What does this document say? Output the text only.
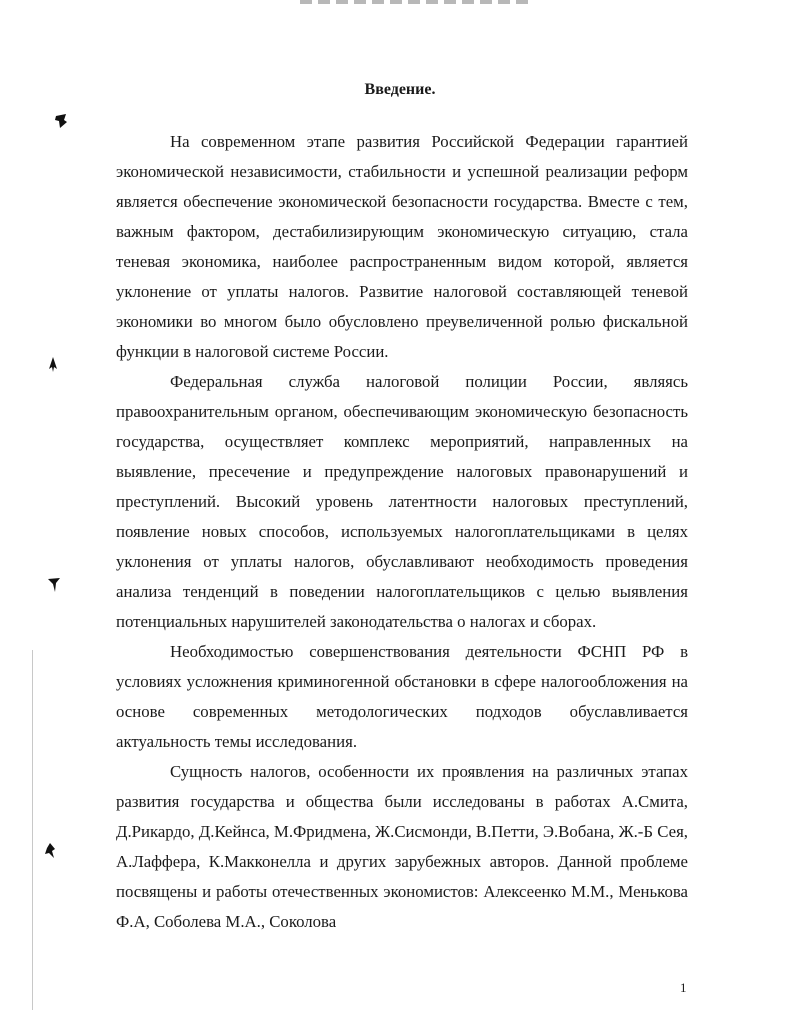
Введение.

На современном этапе развития Российской Федерации гарантией экономической независимости, стабильности и успешной реализации реформ является обеспечение экономической безопасности государства. Вместе с тем, важным фактором, дестабилизирующим экономическую ситуацию, стала теневая экономика, наиболее распространенным видом которой, является уклонение от уплаты налогов. Развитие налоговой составляющей теневой экономики во многом было обусловлено преувеличенной ролью фискальной функции в налоговой системе России.

Федеральная служба налоговой полиции России, являясь правоохранительным органом, обеспечивающим экономическую безопасность государства, осуществляет комплекс мероприятий, направленных на выявление, пресечение и предупреждение налоговых правонарушений и преступлений. Высокий уровень латентности налоговых преступлений, появление новых способов, используемых налогоплательщиками в целях уклонения от уплаты налогов, обуславливают необходимость проведения анализа тенденций в поведении налогоплательщиков с целью выявления потенциальных нарушителей законодательства о налогах и сборах.

Необходимостью совершенствования деятельности ФСНП РФ в условиях усложнения криминогенной обстановки в сфере налогообложения на основе современных методологических подходов обуславливается актуальность темы исследования.

Сущность налогов, особенности их проявления на различных этапах развития государства и общества были исследованы в работах А.Смита, Д.Рикардо, Д.Кейнса, М.Фридмена, Ж.Сисмонди, В.Петти, Э.Вобана, Ж.-Б Сея, А.Лаффера, К.Макконелла и других зарубежных авторов. Данной проблеме посвящены и работы отечественных экономистов: Алексеенко М.М., Менькова Ф.А, Соболева М.А., Соколова

1
